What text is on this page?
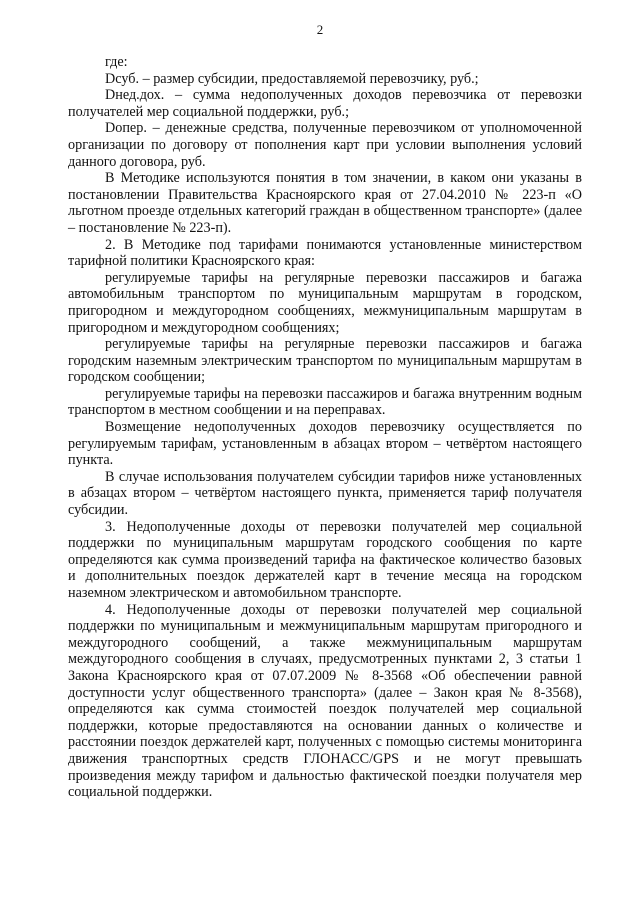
2

где:

Dсуб. – размер субсидии, предоставляемой перевозчику, руб.;

Dнед.дох. – сумма недополученных доходов перевозчика от перевозки получателей мер социальной поддержки, руб.;

Dопер. – денежные средства, полученные перевозчиком от уполномоченной организации по договору от пополнения карт при условии выполнения условий данного договора, руб.

В Методике используются понятия в том значении, в каком они указаны в постановлении Правительства Красноярского края от 27.04.2010 № 223-п «О льготном проезде отдельных категорий граждан в общественном транспорте» (далее – постановление № 223-п).

2. В Методике под тарифами понимаются установленные министерством тарифной политики Красноярского края:

регулируемые тарифы на регулярные перевозки пассажиров и багажа автомобильным транспортом по муниципальным маршрутам в городском, пригородном и междугородном сообщениях, межмуниципальным маршрутам в пригородном и междугородном сообщениях;

регулируемые тарифы на регулярные перевозки пассажиров и багажа городским наземным электрическим транспортом по муниципальным маршрутам в городском сообщении;

регулируемые тарифы на перевозки пассажиров и багажа внутренним водным транспортом в местном сообщении и на переправах.

Возмещение недополученных доходов перевозчику осуществляется по регулируемым тарифам, установленным в абзацах втором – четвёртом настоящего пункта.

В случае использования получателем субсидии тарифов ниже установленных в абзацах втором – четвёртом настоящего пункта, применяется тариф получателя субсидии.

3. Недополученные доходы от перевозки получателей мер социальной поддержки по муниципальным маршрутам городского сообщения по карте определяются как сумма произведений тарифа на фактическое количество базовых и дополнительных поездок держателей карт в течение месяца на городском наземном электрическом и автомобильном транспорте.

4. Недополученные доходы от перевозки получателей мер социальной поддержки по муниципальным и межмуниципальным маршрутам пригородного и междугородного сообщений, а также межмуниципальным маршрутам междугородного сообщения в случаях, предусмотренных пунктами 2, 3 статьи 1 Закона Красноярского края от 07.07.2009 № 8-3568 «Об обеспечении равной доступности услуг общественного транспорта» (далее – Закон края № 8-3568), определяются как сумма стоимостей поездок получателей мер социальной поддержки, которые предоставляются на основании данных о количестве и расстоянии поездок держателей карт, полученных с помощью системы мониторинга движения транспортных средств ГЛОНАСС/GPS и не могут превышать произведения между тарифом и дальностью фактической поездки получателя мер социальной поддержки.
